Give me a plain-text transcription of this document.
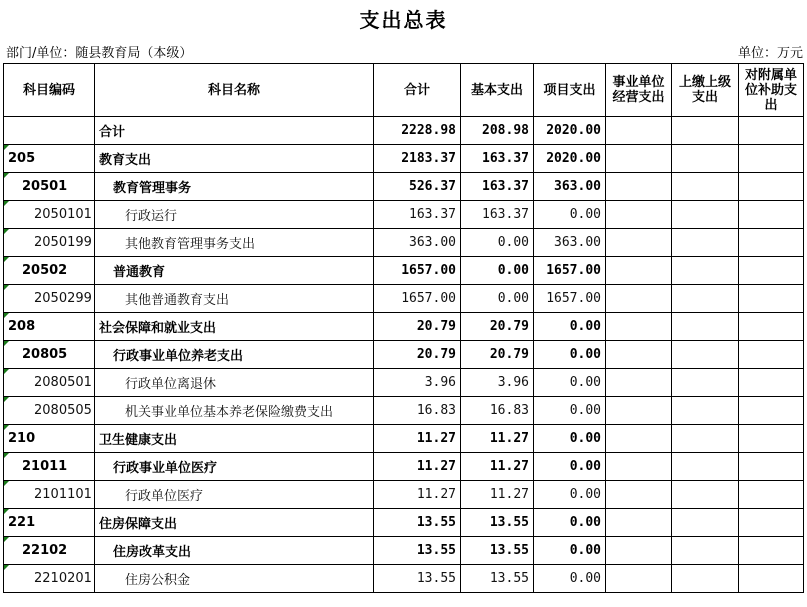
支出总表
部门/单位：随县教育局（本级）	单位：万元
科目编码	科目名称	合计	基本支出	项目支出	事业单位经营支出	上缴上级支出	对附属单位补助支出
	合计	2228.98	208.98	2020.00			
205	教育支出	2183.37	163.37	2020.00			
20501	教育管理事务	526.37	163.37	363.00			
2050101	行政运行	163.37	163.37	0.00			
2050199	其他教育管理事务支出	363.00	0.00	363.00			
20502	普通教育	1657.00	0.00	1657.00			
2050299	其他普通教育支出	1657.00	0.00	1657.00			
208	社会保障和就业支出	20.79	20.79	0.00			
20805	行政事业单位养老支出	20.79	20.79	0.00			
2080501	行政单位离退休	3.96	3.96	0.00			
2080505	机关事业单位基本养老保险缴费支出	16.83	16.83	0.00			
210	卫生健康支出	11.27	11.27	0.00			
21011	行政事业单位医疗	11.27	11.27	0.00			
2101101	行政单位医疗	11.27	11.27	0.00			
221	住房保障支出	13.55	13.55	0.00			
22102	住房改革支出	13.55	13.55	0.00			
2210201	住房公积金	13.55	13.55	0.00			
